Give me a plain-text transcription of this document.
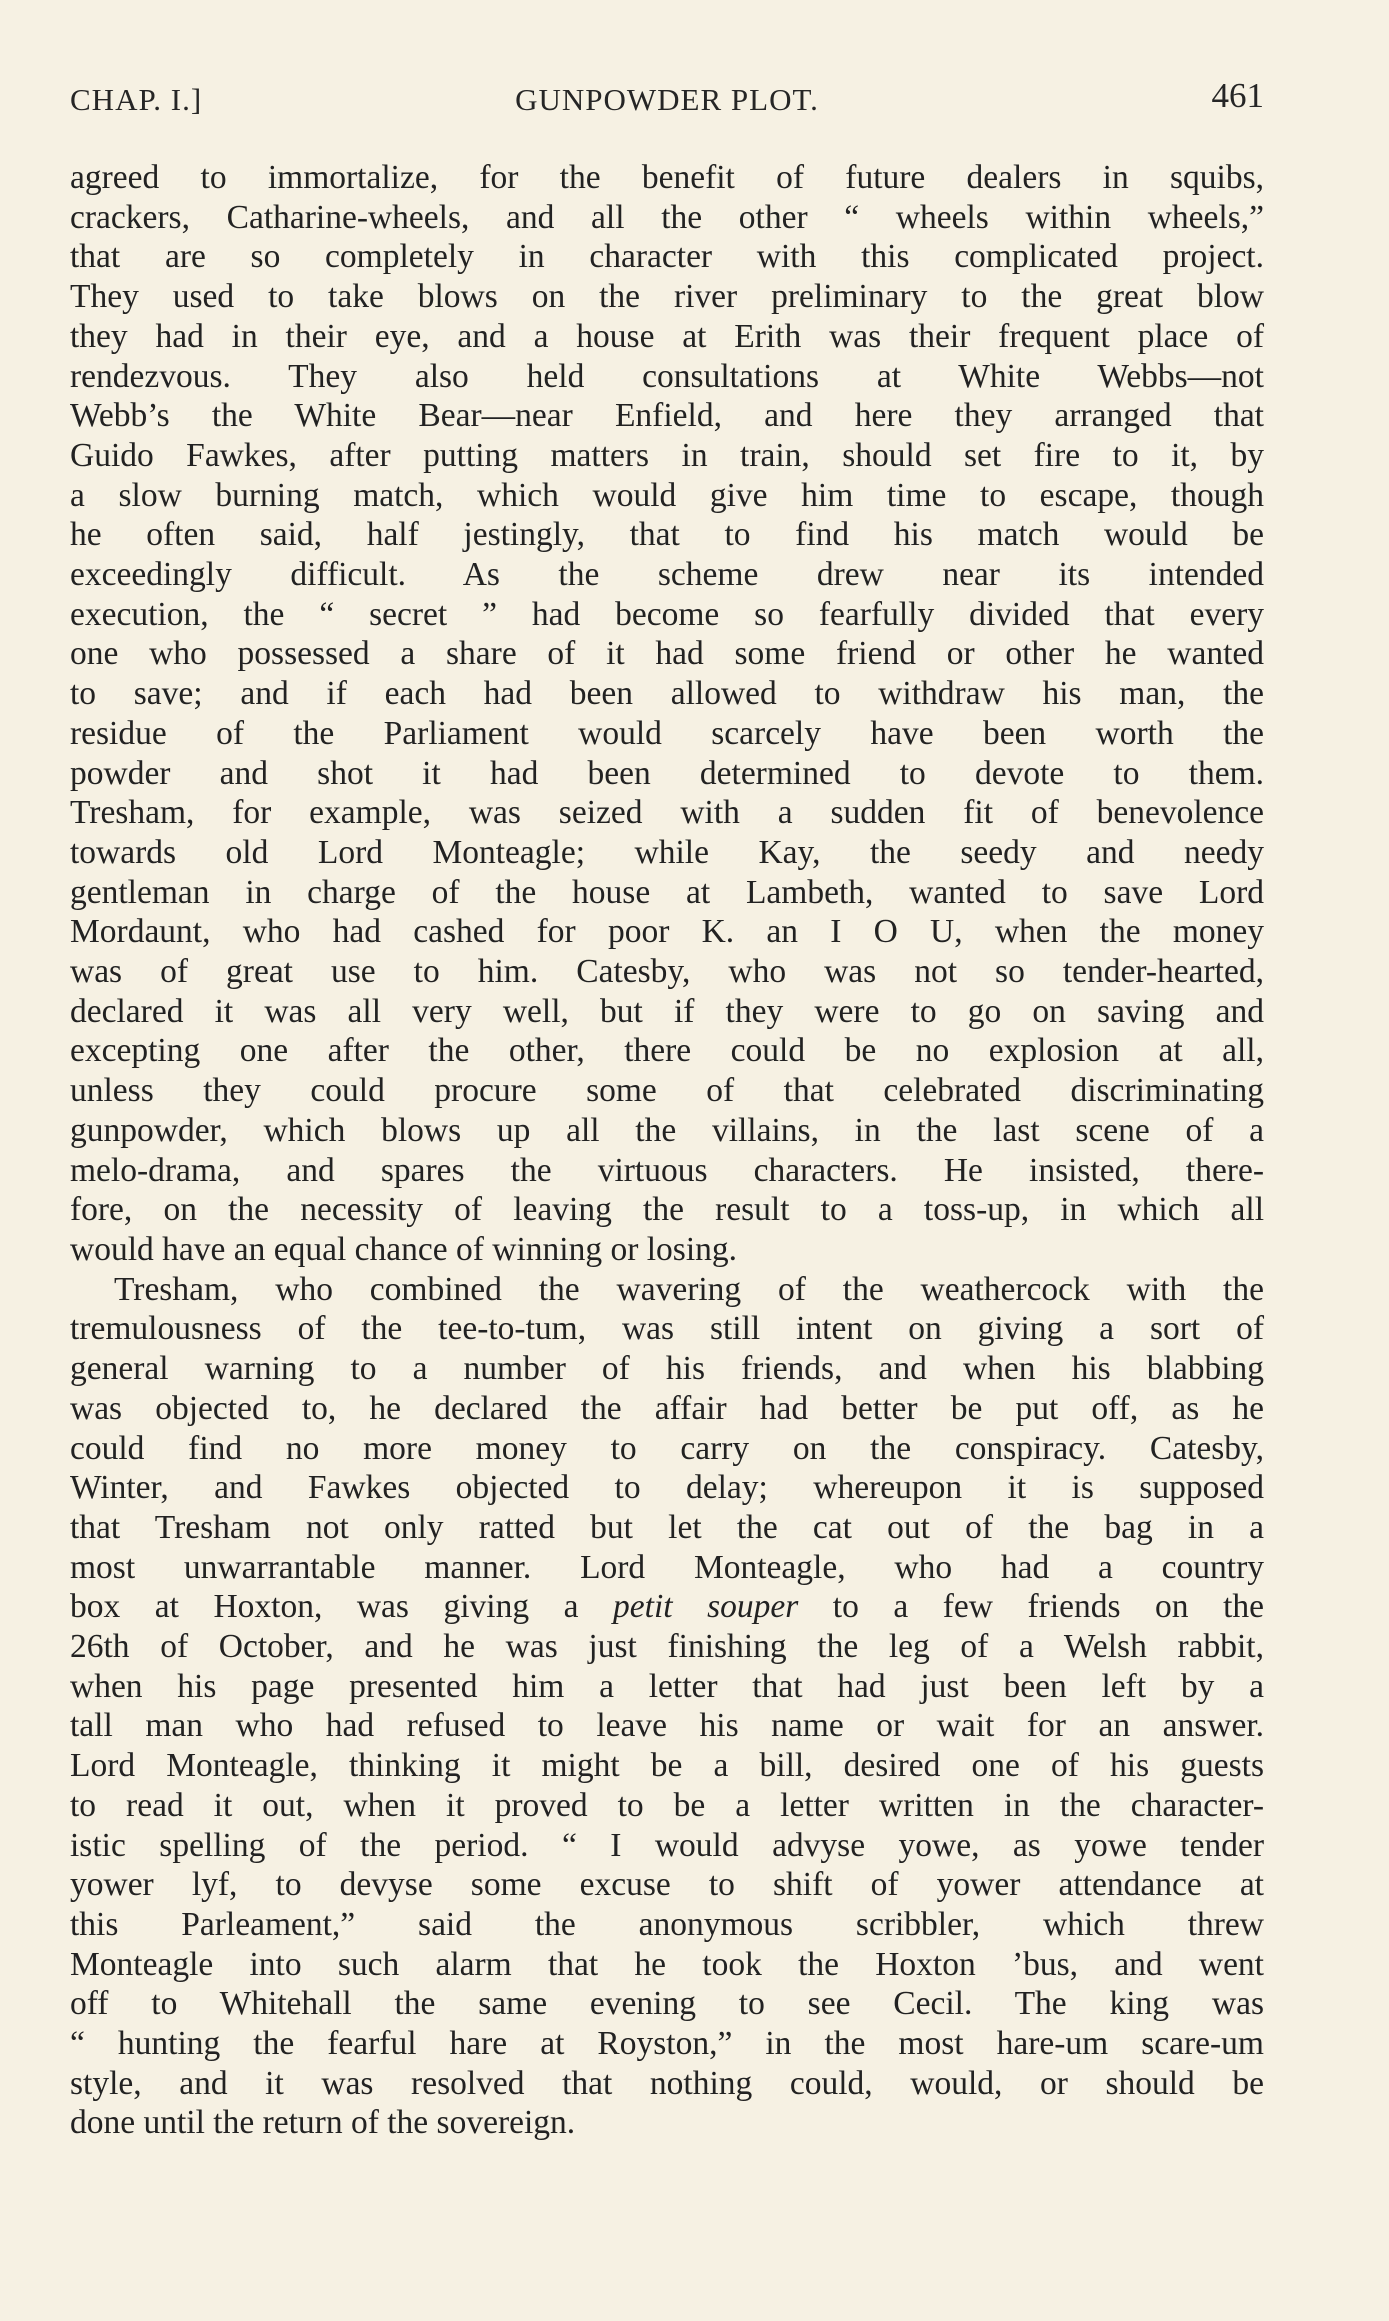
CHAP. I.]	GUNPOWDER PLOT.	461

agreed to immortalize, for the benefit of future dealers in squibs,
crackers, Catharine-wheels, and all the other “ wheels within wheels,”
that are so completely in character with this complicated project.
They used to take blows on the river preliminary to the great blow
they had in their eye, and a house at Erith was their frequent place of
rendezvous. They also held consultations at White Webbs—not
Webb’s the White Bear—near Enfield, and here they arranged that
Guido Fawkes, after putting matters in train, should set fire to it, by
a slow burning match, which would give him time to escape, though
he often said, half jestingly, that to find his match would be
exceedingly difficult. As the scheme drew near its intended
execution, the “ secret ” had become so fearfully divided that every
one who possessed a share of it had some friend or other he wanted
to save; and if each had been allowed to withdraw his man, the
residue of the Parliament would scarcely have been worth the
powder and shot it had been determined to devote to them.
Tresham, for example, was seized with a sudden fit of benevolence
towards old Lord Monteagle; while Kay, the seedy and needy
gentleman in charge of the house at Lambeth, wanted to save Lord
Mordaunt, who had cashed for poor K. an I O U, when the money
was of great use to him. Catesby, who was not so tender-hearted,
declared it was all very well, but if they were to go on saving and
excepting one after the other, there could be no explosion at all,
unless they could procure some of that celebrated discriminating
gunpowder, which blows up all the villains, in the last scene of a
melo-drama, and spares the virtuous characters. He insisted, there-
fore, on the necessity of leaving the result to a toss-up, in which all
would have an equal chance of winning or losing.

Tresham, who combined the wavering of the weathercock with the
tremulousness of the tee-to-tum, was still intent on giving a sort of
general warning to a number of his friends, and when his blabbing
was objected to, he declared the affair had better be put off, as he
could find no more money to carry on the conspiracy. Catesby,
Winter, and Fawkes objected to delay; whereupon it is supposed
that Tresham not only ratted but let the cat out of the bag in a
most unwarrantable manner. Lord Monteagle, who had a country
box at Hoxton, was giving a petit souper to a few friends on the
26th of October, and he was just finishing the leg of a Welsh rabbit,
when his page presented him a letter that had just been left by a
tall man who had refused to leave his name or wait for an answer.
Lord Monteagle, thinking it might be a bill, desired one of his guests
to read it out, when it proved to be a letter written in the character-
istic spelling of the period. “ I would advyse yowe, as yowe tender
yower lyf, to devyse some excuse to shift of yower attendance at
this Parleament,” said the anonymous scribbler, which threw
Monteagle into such alarm that he took the Hoxton ’bus, and went
off to Whitehall the same evening to see Cecil. The king was
“ hunting the fearful hare at Royston,” in the most hare-um scare-um
style, and it was resolved that nothing could, would, or should be
done until the return of the sovereign.
